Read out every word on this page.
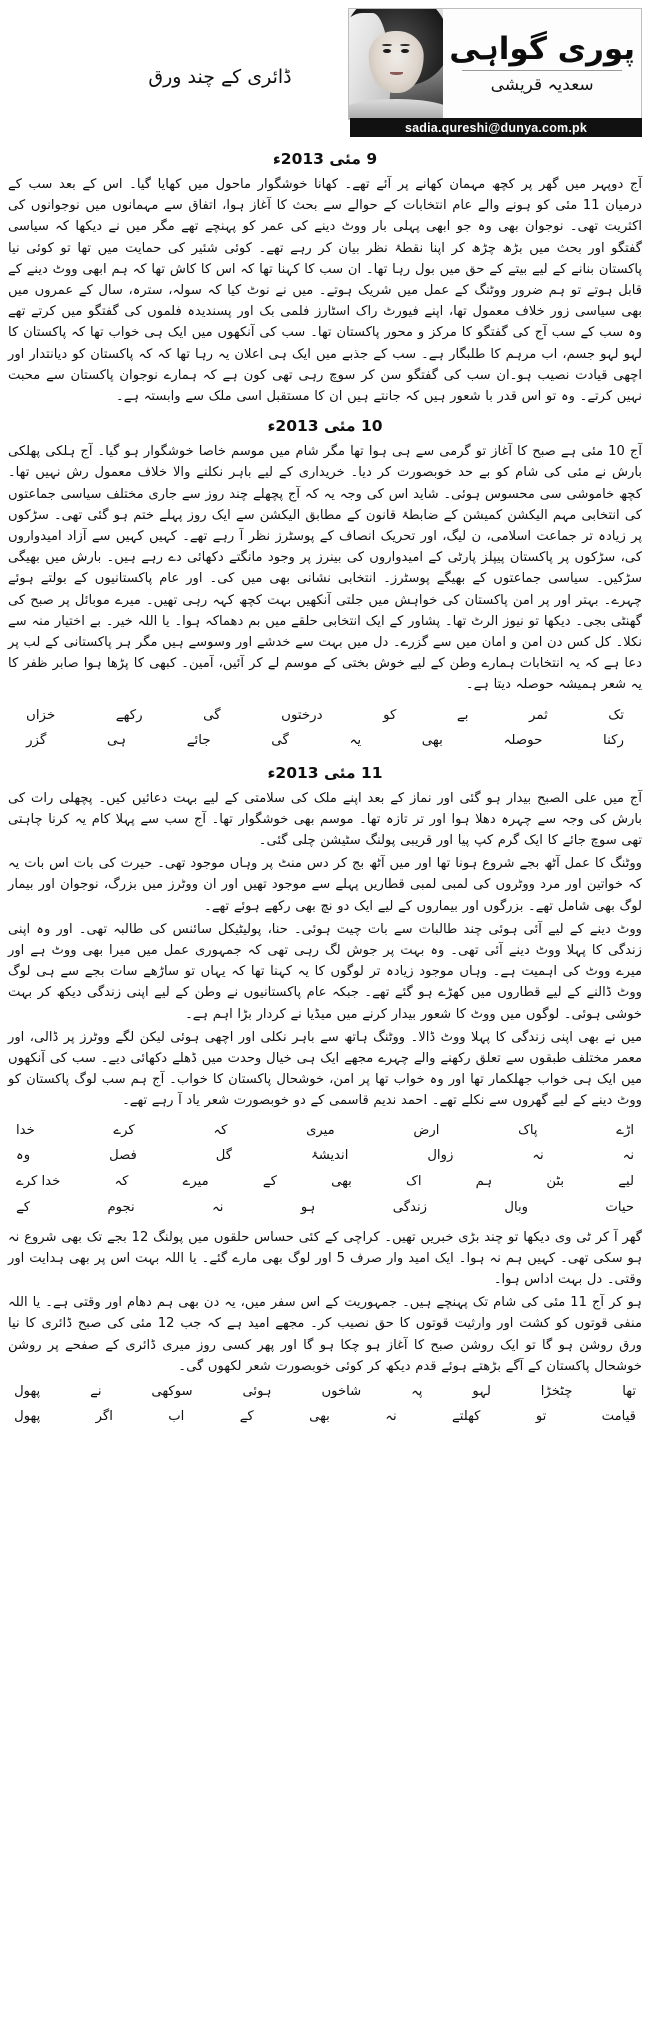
پوری گواہی
سعدیہ قریشی
sadia.qureshi@dunya.com.pk
ڈائری کے چند ورق
9 مئی 2013ء

آج دوپہر میں گھر پر کچھ مہمان کھانے پر آئے تھے۔ کھانا خوشگوار ماحول میں کھایا گیا۔ اس کے بعد سب کے درمیان 11 مئی کو ہونے والے عام انتخابات کے حوالے سے بحث کا آغاز ہوا، اتفاق سے مہمانوں میں نوجوانوں کی اکثریت تھی۔ نوجوان بھی وہ جو ابھی پہلی بار ووٹ دینے کی عمر کو پہنچے تھے مگر میں نے دیکھا کہ سیاسی گفتگو اور بحث میں بڑھ چڑھ کر اپنا نقطۂ نظر بیان کر رہے تھے۔ کوئی شئیر کی حمایت میں تھا تو کوئی نیا پاکستان بنانے کے لیے بیتے کے حق میں بول رہا تھا۔ ان سب کا کہنا تھا کہ اس کا کاش تھا کہ ہم ابھی ووٹ دینے کے قابل ہوتے تو ہم ضرور ووٹنگ کے عمل میں شریک ہوتے۔ میں نے نوٹ کیا کہ سولہ، سترہ، سال کے عمروں میں بھی سیاسی زور خلاف معمول تھا، اپنے فیورٹ راک اسٹارز فلمی بک اور پسندیدہ فلموں کی گفتگو میں کرتے تھے وہ سب کے سب آج کی گفتگو کا مرکز و محور پاکستان تھا۔ سب کی آنکھوں میں ایک ہی خواب تھا کہ پاکستان کا لہو لہو جسم، اب مرہم کا طلبگار ہے۔ سب کے جذبے میں ایک ہی اعلان یہ رہا تھا کہ کہ پاکستان کو دیانتدار اور اچھی قیادت نصیب ہو۔ان سب کی گفتگو سن کر سوچ رہی تھی کون ہے کہ ہمارے نوجوان پاکستان سے محبت نہیں کرتے۔ وہ تو اس قدر با شعور ہیں کہ جانتے ہیں ان کا مستقبل اسی ملک سے وابستہ ہے۔

10 مئی 2013ء

آج 10 مئی ہے صبح کا آغاز تو گرمی سے ہی ہوا تھا مگر شام میں موسم خاصا خوشگوار ہو گیا۔ آج ہلکی پھلکی بارش نے مئی کی شام کو بے حد خوبصورت کر دیا۔ خریداری کے لیے باہر نکلنے والا خلاف معمول رش نہیں تھا۔ کچھ خاموشی سی محسوس ہوئی۔ شاید اس کی وجہ یہ کہ آج پچھلے چند روز سے جاری مختلف سیاسی جماعتوں کی انتخابی مہم الیکشن کمیشن کے ضابطۂ قانون کے مطابق الیکشن سے ایک روز پہلے ختم ہو گئی تھی۔ سڑکوں پر زیادہ تر جماعت اسلامی، ن لیگ، اور تحریک انصاف کے پوسٹرز نظر آ رہے تھے۔ کہیں کہیں سے آزاد امیدواروں کی، سڑکوں پر پاکستان پیپلز پارٹی کے امیدواروں کی بینرز پر وجود مانگتے دکھائی دے رہے ہیں۔ بارش میں بھیگی سڑکیں۔ سیاسی جماعتوں کے بھیگے پوسٹرز۔ انتخابی نشانی بھی میں کی۔ اور عام پاکستانیوں کے بولتے ہوئے چہرے۔ بہتر اور پر امن پاکستان کی خواہش میں جلتی آنکھیں بہت کچھ کہہ رہی تھیں۔ میرے موبائل پر صبح کی گھنٹی بجی۔ دیکھا تو نیوز الرٹ تھا۔ پشاور کے ایک انتخابی حلقے میں بم دھماکہ ہوا۔ یا اللہ خیر۔ بے اختیار منہ سے نکلا۔ کل کس دن امن و امان میں سے گزرے۔ دل میں بہت سے خدشے اور وسوسے ہیں مگر ہر پاکستانی کے لب پر دعا ہے کہ یہ انتخابات ہمارے وطن کے لیے خوش بختی کے موسم لے کر آئیں، آمین۔ کبھی کا پڑھا ہوا صابر ظفر کا یہ شعر ہمیشہ حوصلہ دیتا ہے۔

تک
ثمر
بے
کو
درختوں
گی
رکھے
خزاں
رکنا
حوصلہ
بھی
یہ
گی
جائے
ہی
گزر
11 مئی 2013ء

آج میں علی الصبح بیدار ہو گئی اور نماز کے بعد اپنے ملک کی سلامتی کے لیے بہت دعائیں کیں۔ پچھلی رات کی بارش کی وجہ سے چہرہ دھلا ہوا اور تر تازہ تھا۔ موسم بھی خوشگوار تھا۔ آج سب سے پہلا کام یہ کرنا چاہتی تھی سوچ جائے کا ایک گرم کپ پیا اور قریبی پولنگ سٹیشن چلی گئی۔

ووٹنگ کا عمل آٹھ بجے شروع ہونا تھا اور میں آٹھ بج کر دس منٹ پر وہاں موجود تھی۔ حیرت کی بات اس بات یہ کہ خواتین اور مرد ووٹروں کی لمبی لمبی قطاریں پہلے سے موجود تھیں اور ان ووٹرز میں بزرگ، نوجوان اور بیمار لوگ بھی شامل تھے۔ بزرگوں اور بیماروں کے لیے ایک دو نچ بھی رکھے ہوئے تھے۔

ووٹ دینے کے لیے آئی ہوئی چند طالبات سے بات چیت ہوئی۔ حنا، پولیٹیکل سائنس کی طالبہ تھی۔ اور وہ اپنی زندگی کا پہلا ووٹ دینے آئی تھی۔ وہ بہت پر جوش لگ رہی تھی کہ جمہوری عمل میں میرا بھی ووٹ ہے اور میرے ووٹ کی اہمیت ہے۔ وہاں موجود زیادہ تر لوگوں کا یہ کہنا تھا کہ یہاں تو ساڑھے سات بجے سے ہی لوگ ووٹ ڈالنے کے لیے قطاروں میں کھڑے ہو گئے تھے۔ جبکہ عام پاکستانیوں نے وطن کے لیے اپنی زندگی دیکھ کر بہت خوشی ہوئی۔ لوگوں میں ووٹ کا شعور بیدار کرنے میں میڈیا نے کردار بڑا اہم ہے۔

میں نے بھی اپنی زندگی کا پہلا ووٹ ڈالا۔ ووٹنگ ہاتھ سے باہر نکلی اور اچھی ہوئی لیکن لگے ووٹرز پر ڈالی، اور معمر مختلف طبقوں سے تعلق رکھنے والے چہرے مجھے ایک ہی خیال وحدت میں ڈھلے دکھائی دیے۔ سب کی آنکھوں میں ایک ہی خواب جھلکمار تھا اور وہ خواب تھا پر امن، خوشحال پاکستان کا خواب۔ آج ہم سب لوگ پاکستان کو ووٹ دینے کے لیے گھروں سے نکلے تھے۔ احمد ندیم قاسمی کے دو خوبصورت شعر یاد آ رہے تھے۔

اڑے
پاک
ارض
میری
کہ
کرے
خدا
نہ
نہ
زوال
اندیشۂ
گل
فصل
وہ
لیے
بٹن
ہم
اک
بھی
کے
میرے
کہ
خدا کرے
حیات
وبال
زندگی
ہو
نہ
نجوم
کے

گھر آ کر ٹی وی دیکھا تو چند بڑی خبریں تھیں۔ کراچی کے کئی حساس حلقوں میں پولنگ 12 بجے تک بھی شروع نہ ہو سکی تھی۔ کہیں ہم نہ ہوا۔ ایک امید وار صرف 5 اور لوگ بھی مارے گئے۔ یا اللہ بہت اس پر بھی ہدایت اور وقتی۔ دل بہت اداس ہوا۔

ہو کر آج 11 مئی کی شام تک پہنچے ہیں۔ جمہوریت کے اس سفر میں، یہ دن بھی ہم دھام اور وقتی ہے۔ یا اللہ منفی قوتوں کو کشت اور وارثیت قوتوں کا حق نصیب کر۔ مجھے امید ہے کہ جب 12 مئی کی صبح ڈائری کا نیا ورق روشن ہو گا تو ایک روشن صبح کا آغاز ہو چکا ہو گا اور پھر کسی روز میری ڈائری کے صفحے پر روشن خوشحال پاکستان کے آگے بڑھتے ہوئے قدم دیکھ کر کوئی خوبصورت شعر لکھوں گی۔

تھا
چٹخڑا
لہو
پہ
شاخوں
ہوئی
سوکھی
نے
پھول
قیامت
تو
کھلتے
نہ
بھی
کے
اب
اگر
پھول
